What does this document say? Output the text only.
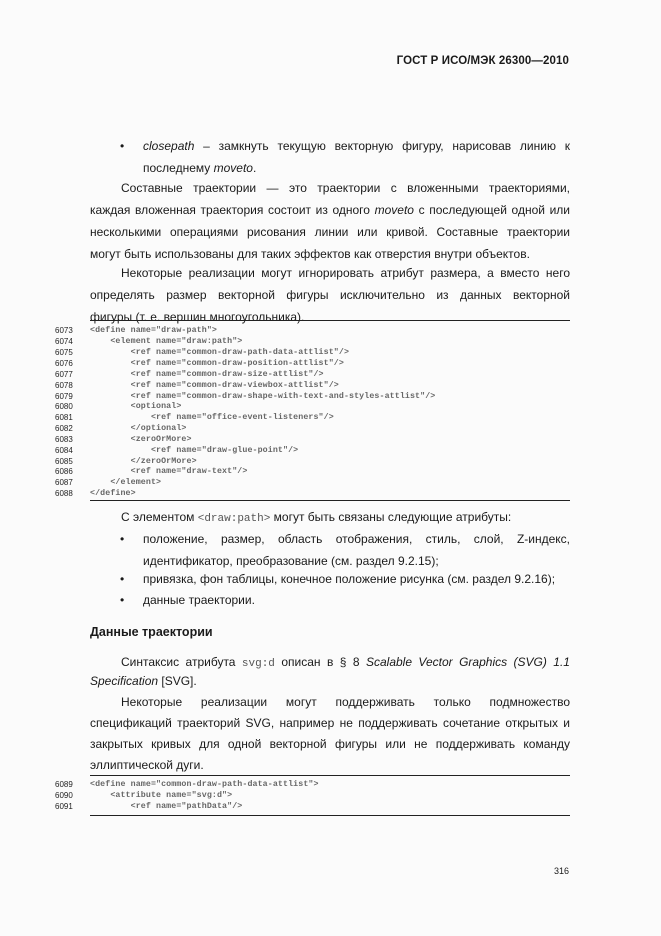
ГОСТ Р ИСО/МЭК 26300—2010
• closepath – замкнуть текущую векторную фигуру, нарисовав линию к

последнему moveto.

Составные траектории — это траектории с вложенными траекториями,

каждая вложенная траектория состоит из одного moveto с последующей одной или

несколькими операциями рисования линии или кривой. Составные траектории

могут быть использованы для таких эффектов как отверстия внутри объектов.

Некоторые реализации могут игнорировать атрибут размера, а вместо него

определять размер векторной фигуры исключительно из данных векторной

фигуры (т. е. вершин многоугольника).

6073	<define name="draw-path">
6074	<element name="draw:path">
6075	<ref name="common-draw-path-data-attlist"/>
6076	<ref name="common-draw-position-attlist"/>
6077	<ref name="common-draw-size-attlist"/>
6078	<ref name="common-draw-viewbox-attlist"/>
6079	<ref name="common-draw-shape-with-text-and-styles-attlist"/>
6080	<optional>
6081	<ref name="office-event-listeners"/>
6082	</optional>
6083	<zeroOrMore>
6084	<ref name="draw-glue-point"/>
6085	</zeroOrMore>
6086	<ref name="draw-text"/>
6087	</element>
6088	</define>

С элементом <draw:path> могут быть связаны следующие атрибуты:

• положение, размер, область отображения, стиль, слой, Z-индекс,

идентификатор, преобразование (см. раздел 9.2.15);

• привязка, фон таблицы, конечное положение рисунка (см. раздел 9.2.16);

• данные траектории.

Данные траектории

Синтаксис атрибута svg:d описан в § 8 Scalable Vector Graphics (SVG) 1.1

Specification [SVG].

Некоторые реализации могут поддерживать только подмножество

спецификаций траекторий SVG, например не поддерживать сочетание открытых и

закрытых кривых для одной векторной фигуры или не поддерживать команду

эллиптической дуги.

6089	<define name="common-draw-path-data-attlist">
6090	<attribute name="svg:d">
6091	<ref name="pathData"/>
316
